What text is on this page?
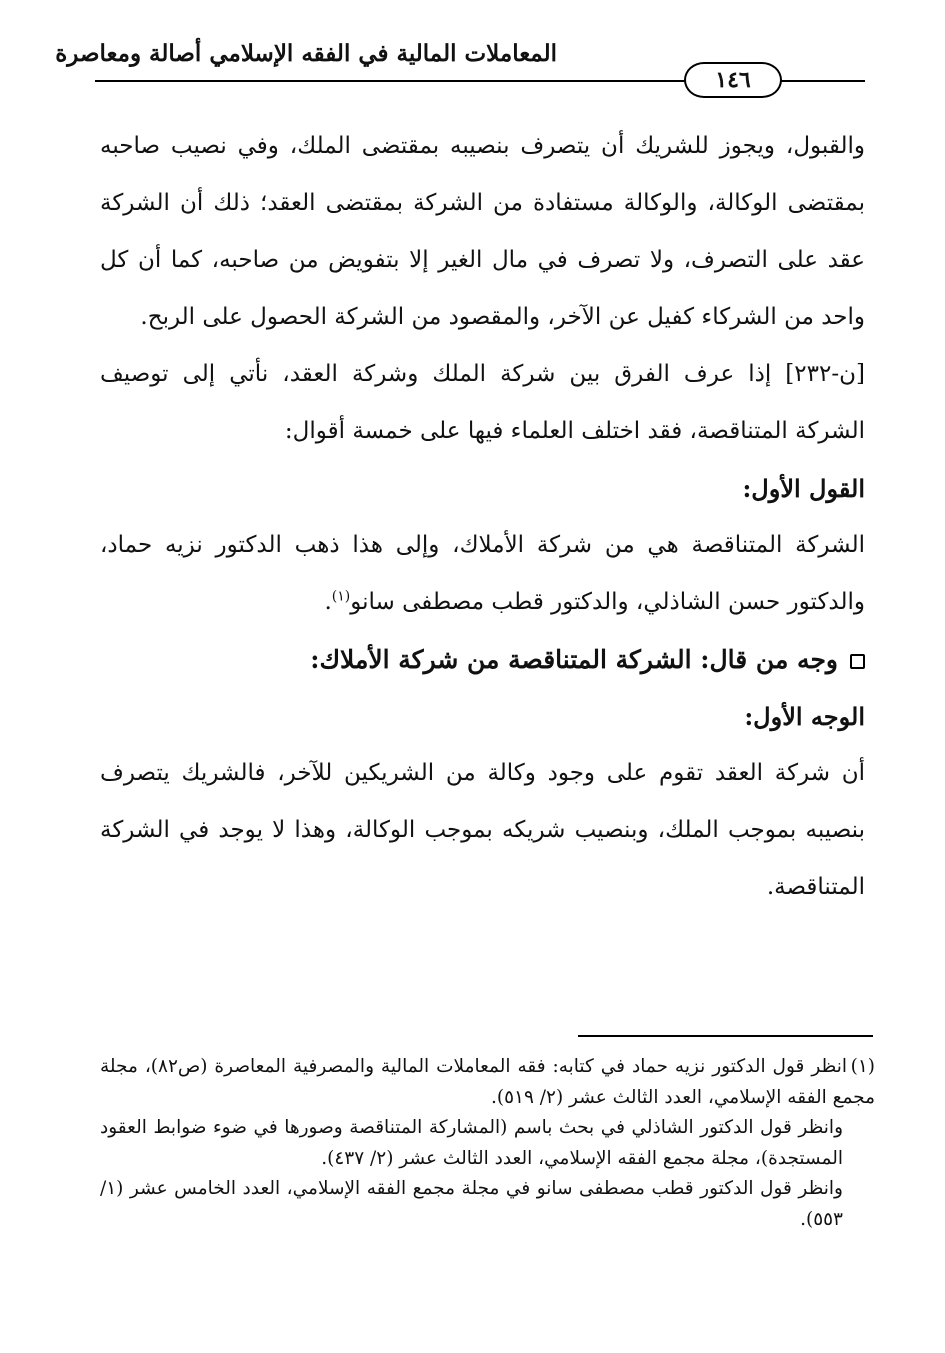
المعاملات المالية في الفقه الإسلامي أصالة ومعاصرة
١٤٦

والقبول، ويجوز للشريك أن يتصرف بنصيبه بمقتضى الملك، وفي نصيب صاحبه بمقتضى الوكالة، والوكالة مستفادة من الشركة بمقتضى العقد؛ ذلك أن الشركة عقد على التصرف، ولا تصرف في مال الغير إلا بتفويض من صاحبه، كما أن كل واحد من الشركاء كفيل عن الآخر، والمقصود من الشركة الحصول على الربح.

[ن-٢٣٢] إذا عرف الفرق بين شركة الملك وشركة العقد، نأتي إلى توصيف الشركة المتناقصة، فقد اختلف العلماء فيها على خمسة أقوال:

القول الأول:

الشركة المتناقصة هي من شركة الأملاك، وإلى هذا ذهب الدكتور نزيه حماد، والدكتور حسن الشاذلي، والدكتور قطب مصطفى سانو$^{(١)}$.

وجه من قال: الشركة المتناقصة من شركة الأملاك:

الوجه الأول:

أن شركة العقد تقوم على وجود وكالة من الشريكين للآخر، فالشريك يتصرف بنصيبه بموجب الملك، وبنصيب شريكه بموجب الوكالة، وهذا لا يوجد في الشركة المتناقصة.

(١)انظر قول الدكتور نزيه حماد في كتابه: فقه المعاملات المالية والمصرفية المعاصرة (ص٨٢)، مجلة مجمع الفقه الإسلامي، العدد الثالث عشر (٢/ ٥١٩).

وانظر قول الدكتور الشاذلي في بحث باسم (المشاركة المتناقصة وصورها في ضوء ضوابط العقود المستجدة)، مجلة مجمع الفقه الإسلامي، العدد الثالث عشر (٢/ ٤٣٧).

وانظر قول الدكتور قطب مصطفى سانو في مجلة مجمع الفقه الإسلامي، العدد الخامس عشر (١/ ٥٥٣).
